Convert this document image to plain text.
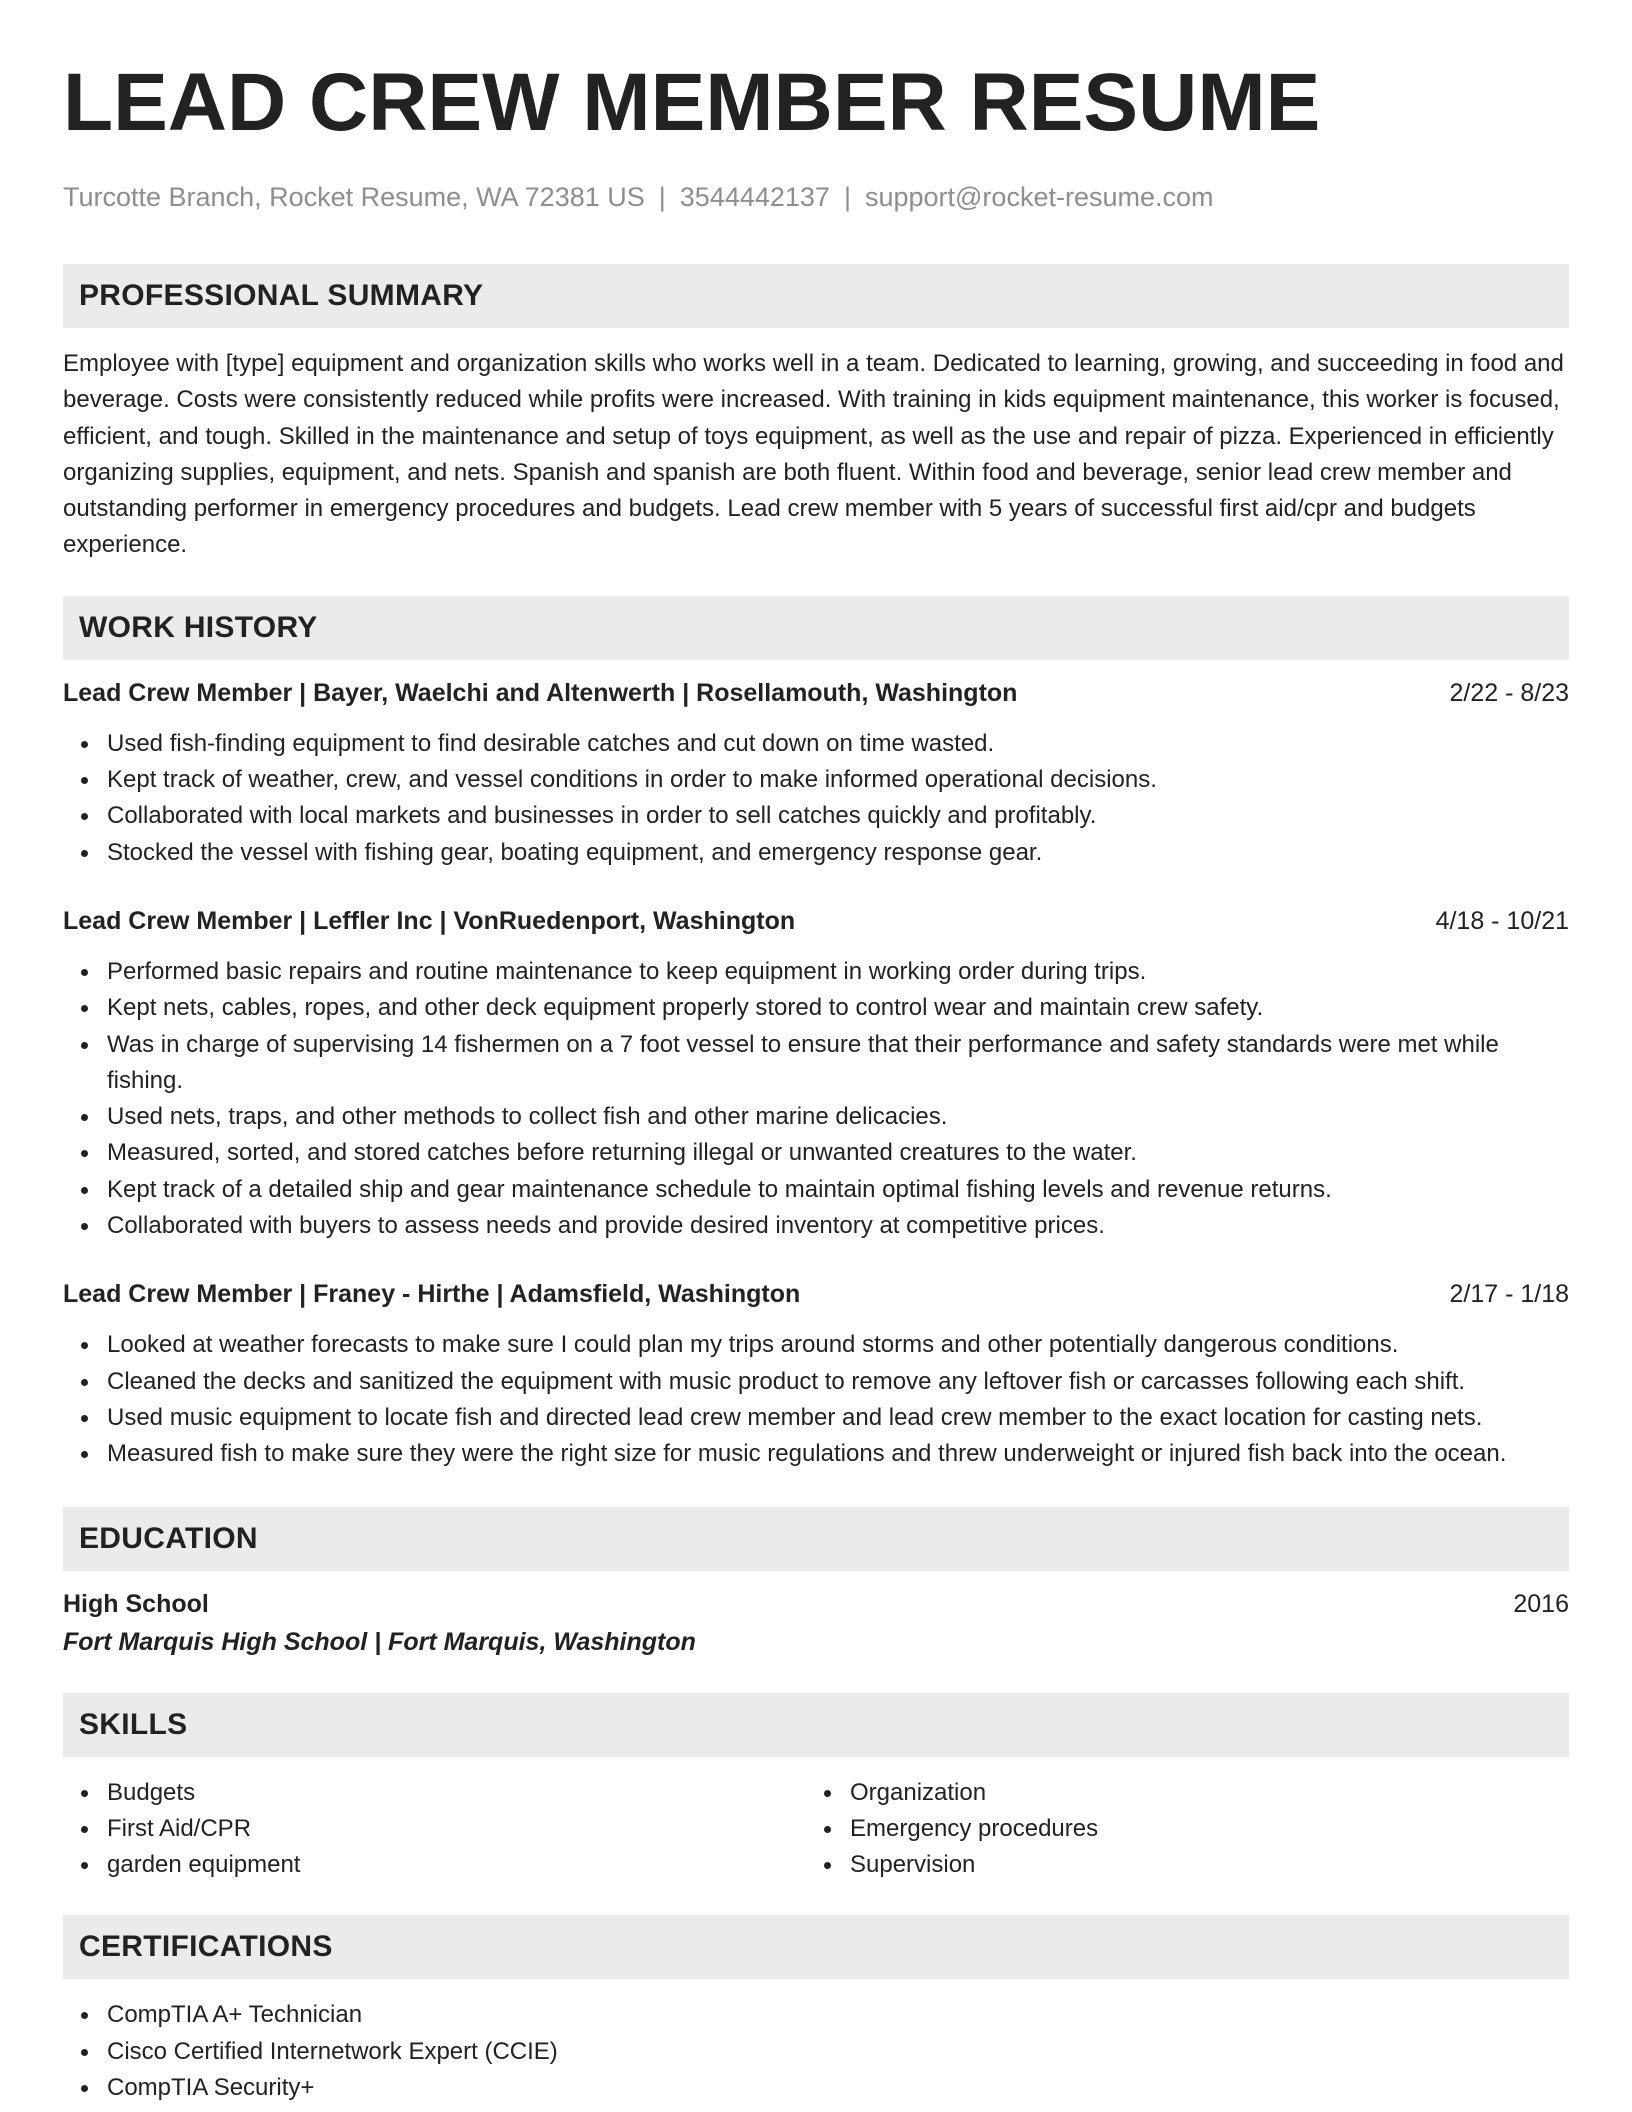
LEAD CREW MEMBER RESUME
Turcotte Branch, Rocket Resume, WA 72381 US | 3544442137 | support@rocket-resume.com
PROFESSIONAL SUMMARY

Employee with [type] equipment and organization skills who works well in a team. Dedicated to learning, growing, and succeeding in food and beverage. Costs were consistently reduced while profits were increased. With training in kids equipment maintenance, this worker is focused, efficient, and tough. Skilled in the maintenance and setup of toys equipment, as well as the use and repair of pizza. Experienced in efficiently organizing supplies, equipment, and nets. Spanish and spanish are both fluent. Within food and beverage, senior lead crew member and outstanding performer in emergency procedures and budgets. Lead crew member with 5 years of successful first aid/cpr and budgets experience.

WORK HISTORY
Lead Crew Member | Bayer, Waelchi and Altenwerth | Rosellamouth, Washington	2/22 - 8/23
Used fish-finding equipment to find desirable catches and cut down on time wasted.
Kept track of weather, crew, and vessel conditions in order to make informed operational decisions.
Collaborated with local markets and businesses in order to sell catches quickly and profitably.
Stocked the vessel with fishing gear, boating equipment, and emergency response gear.
Lead Crew Member | Leffler Inc | VonRuedenport, Washington	4/18 - 10/21
Performed basic repairs and routine maintenance to keep equipment in working order during trips.
Kept nets, cables, ropes, and other deck equipment properly stored to control wear and maintain crew safety.
Was in charge of supervising 14 fishermen on a 7 foot vessel to ensure that their performance and safety standards were met while fishing.
Used nets, traps, and other methods to collect fish and other marine delicacies.
Measured, sorted, and stored catches before returning illegal or unwanted creatures to the water.
Kept track of a detailed ship and gear maintenance schedule to maintain optimal fishing levels and revenue returns.
Collaborated with buyers to assess needs and provide desired inventory at competitive prices.
Lead Crew Member | Franey - Hirthe | Adamsfield, Washington	2/17 - 1/18
Looked at weather forecasts to make sure I could plan my trips around storms and other potentially dangerous conditions.
Cleaned the decks and sanitized the equipment with music product to remove any leftover fish or carcasses following each shift.
Used music equipment to locate fish and directed lead crew member and lead crew member to the exact location for casting nets.
Measured fish to make sure they were the right size for music regulations and threw underweight or injured fish back into the ocean.
EDUCATION
High School	2016
Fort Marquis High School | Fort Marquis, Washington
SKILLS
Budgets
First Aid/CPR
garden equipment
Organization
Emergency procedures
Supervision
CERTIFICATIONS
CompTIA A+ Technician
Cisco Certified Internetwork Expert (CCIE)
CompTIA Security+
